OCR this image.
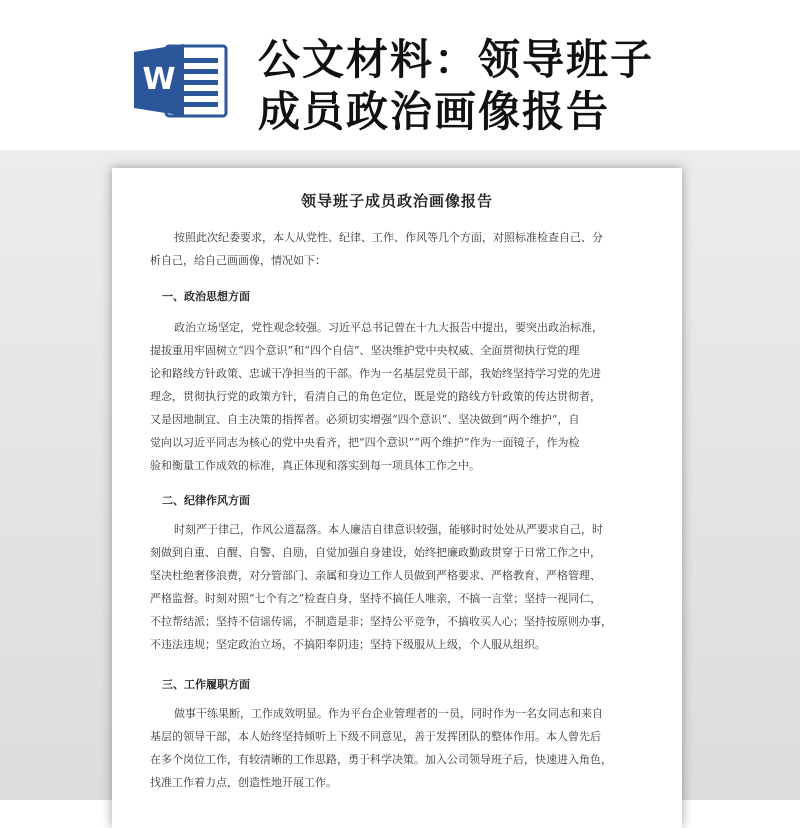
W 公文材料：领导班子
成员政治画像报告
领导班子成员政治画像报告
按照此次纪委要求，本人从党性、纪律、工作、作风等几个方面，对照标准检查自己、分
析自己，给自己画画像，情况如下：
一、政治思想方面
政治立场坚定，党性观念较强。习近平总书记曾在十九大报告中提出，要突出政治标准，
提拔重用牢固树立“四个意识”和“四个自信”、坚决维护党中央权威、全面贯彻执行党的理
论和路线方针政策、忠诚干净担当的干部。作为一名基层党员干部，我始终坚持学习党的先进
理念，贯彻执行党的政策方针，看清自己的角色定位，既是党的路线方针政策的传达贯彻者，
又是因地制宜、自主决策的指挥者。必须切实增强“四个意识”、坚决做到“两个维护”，自
觉向以习近平同志为核心的党中央看齐，把“四个意识”“两个维护”作为一面镜子，作为检
验和衡量工作成效的标准，真正体现和落实到每一项具体工作之中。
二、纪律作风方面
时刻严于律己，作风公道磊落。本人廉洁自律意识较强，能够时时处处从严要求自己，时
刻做到自重、自醒、自警、自励，自觉加强自身建设，始终把廉政勤政贯穿于日常工作之中，
坚决杜绝奢侈浪费，对分管部门、亲属和身边工作人员做到严格要求、严格教育、严格管理、
严格监督。时刻对照“七个有之”检查自身，坚持不搞任人唯亲，不搞一言堂；坚持一视同仁，
不拉帮结派；坚持不信谣传谣，不制造是非；坚持公平竞争，不搞收买人心；坚持按原则办事，
不违法违规；坚定政治立场，不搞阳奉阴违；坚持下级服从上级，个人服从组织。
三、工作履职方面
做事干练果断，工作成效明显。作为平台企业管理者的一员，同时作为一名女同志和来自
基层的领导干部，本人始终坚持倾听上下级不同意见，善于发挥团队的整体作用。本人曾先后
在多个岗位工作，有较清晰的工作思路，勇于科学决策。加入公司领导班子后，快速进入角色，
找准工作着力点，创造性地开展工作。
